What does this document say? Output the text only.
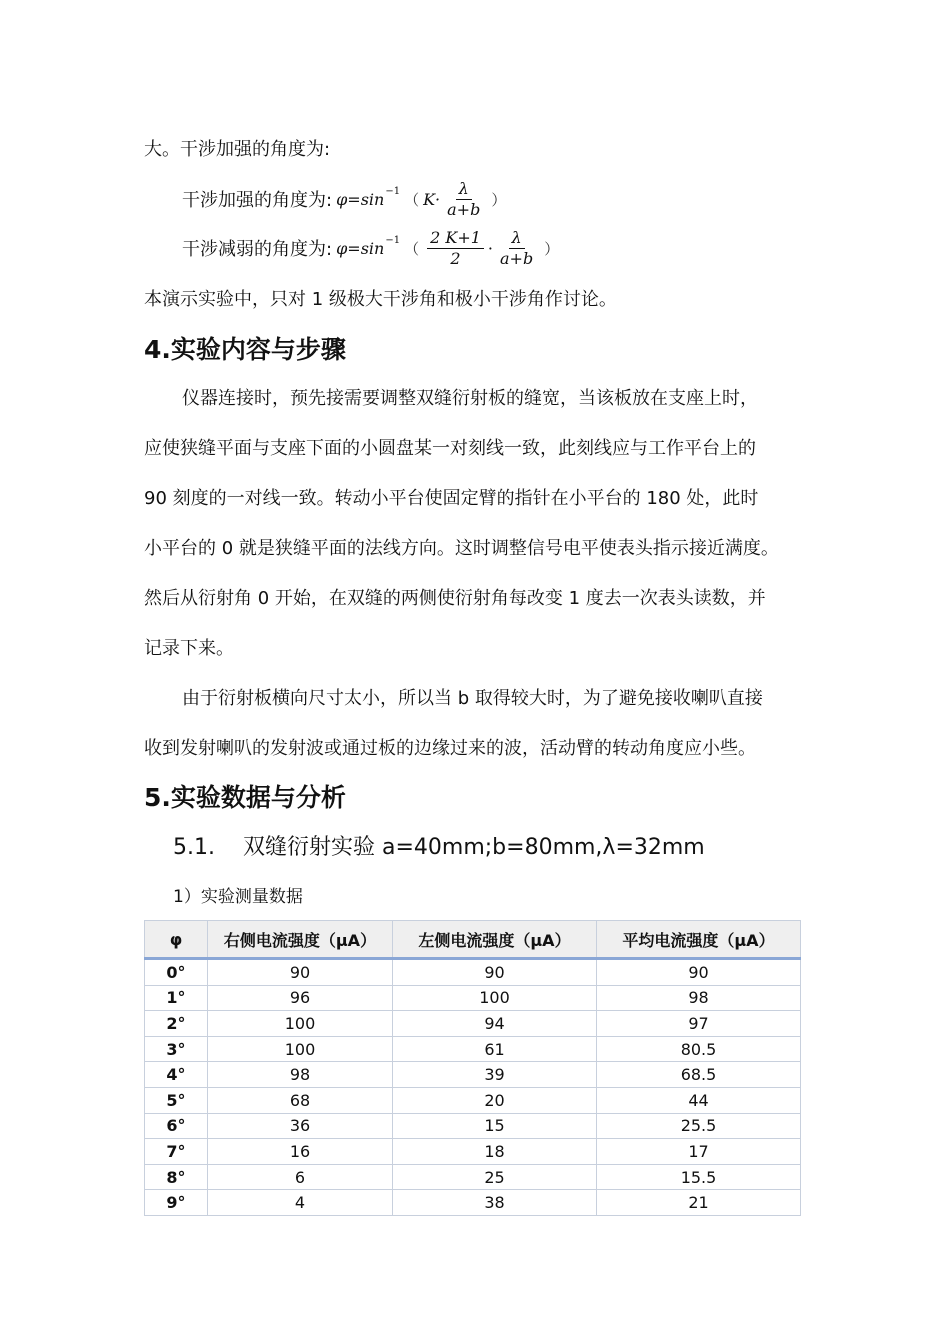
大。干涉加强的角度为:
干涉加强的角度为: φ=sin −1 （ $K\cdot \frac{\lambda}{a+b}$ ）
干涉减弱的角度为: φ=sin −1 （ $\frac{2 K+1}{2} \cdot \frac{\lambda}{a+b}$ ）
本演示实验中，只对 1 级极大干涉角和极小干涉角作讨论。
4.实验内容与步骤
仪器连接时，预先接需要调整双缝衍射板的缝宽，当该板放在支座上时，
应使狭缝平面与支座下面的小圆盘某一对刻线一致，此刻线应与工作平台上的
90 刻度的一对线一致。转动小平台使固定臂的指针在小平台的 180 处，此时
小平台的 0 就是狭缝平面的法线方向。这时调整信号电平使表头指示接近满度。
然后从衍射角 0 开始，在双缝的两侧使衍射角每改变 1 度去一次表头读数，并
记录下来。
由于衍射板横向尺寸太小，所以当 b 取得较大时，为了避免接收喇叭直接
收到发射喇叭的发射波或通过板的边缘过来的波，活动臂的转动角度应小些。
5.实验数据与分析
5.1. 双缝衍射实验 a=40mm;b=80mm,λ=32mm
1）实验测量数据
φ	右侧电流强度（μA）	左侧电流强度（μA）	平均电流强度（μA）
0°	90	90	90
1°	96	100	98
2°	100	94	97
3°	100	61	80.5
4°	98	39	68.5
5°	68	20	44
6°	36	15	25.5
7°	16	18	17
8°	6	25	15.5
9°	4	38	21
